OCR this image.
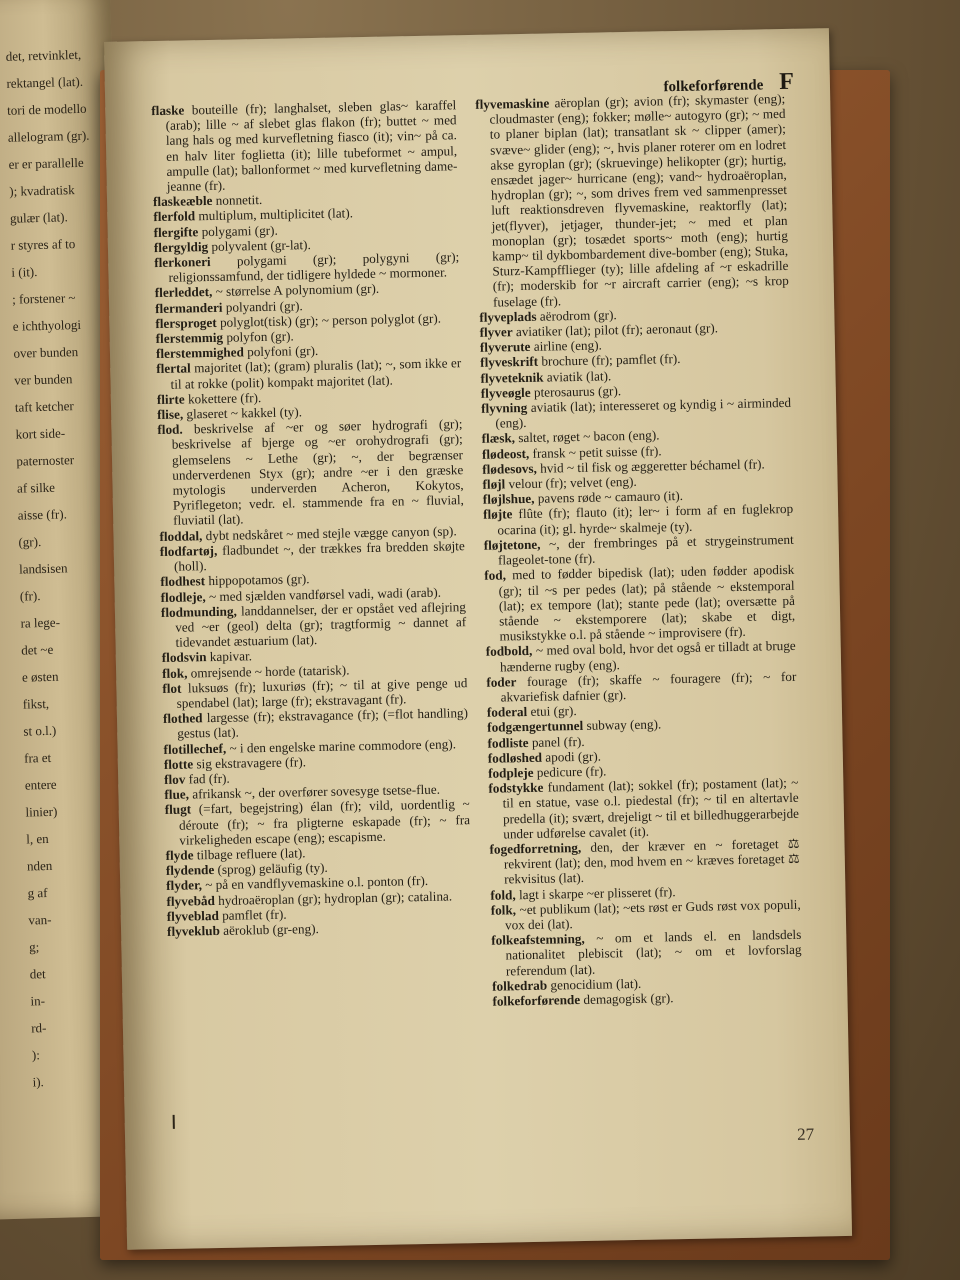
det, retvinklet,
rektangel (lat).
tori de modello
allelogram (gr).
er er parallelle
); kvadratisk
gulær (lat).
r styres af to
i (it).
; forstener ~
e ichthyologi
over bunden
ver bunden
taft ketcher
kort side-
paternoster
af silke
aisse (fr).
(gr).
landsisen
(fr).
ra lege-
det ~e
e østen
fikst,
st o.l.)
fra et
entere
linier)
l, en
nden
g af
van-
g;
det
in-
rd-
):
i).
folkeforførende F

flaske bouteille (fr); langhalset, sleben glas~ karaffel (arab); lille ~ af slebet glas flakon (fr); buttet ~ med lang hals og med kurvefletning fiasco (it); vin~ på ca. en halv liter foglietta (it); lille tubeformet ~ ampul, ampulle (lat); ballonformet ~ med kurvefletning dame-jeanne (fr).

flaskeæble nonnetit.

flerfold multiplum, multiplicitet (lat).

flergifte polygami (gr).

flergyldig polyvalent (gr-lat).

flerkoneri polygami (gr); polygyni (gr); religionssamfund, der tidligere hyldede ~ mormoner.

flerleddet, ~ størrelse A polynomium (gr).

flermanderi polyandri (gr).

flersproget polyglot(tisk) (gr); ~ person polyglot (gr).

flerstemmig polyfon (gr).

flerstemmighed polyfoni (gr).

flertal majoritet (lat); (gram) pluralis (lat); ~, som ikke er til at rokke (polit) kompakt majoritet (lat).

flirte kokettere (fr).

flise, glaseret ~ kakkel (ty).

flod. beskrivelse af ~er og søer hydrografi (gr); beskrivelse af bjerge og ~er orohydrografi (gr); glemselens ~ Lethe (gr); ~, der begrænser underverdenen Styx (gr); andre ~er i den græske mytologis underverden Acheron, Kokytos, Pyriflegeton; vedr. el. stammende fra en ~ fluvial, fluviatil (lat).

floddal, dybt nedskåret ~ med stejle vægge canyon (sp).

flodfartøj, fladbundet ~, der trækkes fra bredden skøjte (holl).

flodhest hippopotamos (gr).

flodleje, ~ med sjælden vandførsel vadi, wadi (arab).

flodmunding, landdannelser, der er opstået ved aflejring ved ~er (geol) delta (gr); tragtformig ~ dannet af tidevandet æstuarium (lat).

flodsvin kapivar.

flok, omrejsende ~ horde (tatarisk).

flot luksuøs (fr); luxuriøs (fr); ~ til at give penge ud spendabel (lat); large (fr); ekstravagant (fr).

flothed largesse (fr); ekstravagance (fr); (=flot handling) gestus (lat).

flotillechef, ~ i den engelske marine commodore (eng).

flotte sig ekstravagere (fr).

flov fad (fr).

flue, afrikansk ~, der overfører sovesyge tsetse-flue.

flugt (=fart, begejstring) élan (fr); vild, uordentlig ~ déroute (fr); ~ fra pligterne eskapade (fr); ~ fra virkeligheden escape (eng); escapisme.

flyde tilbage refluere (lat).

flydende (sprog) geläufig (ty).

flyder, ~ på en vandflyvemaskine o.l. ponton (fr).

flyvebåd hydroaëroplan (gr); hydroplan (gr); catalina.

flyveblad pamflet (fr).

flyveklub aëroklub (gr-eng).

flyvemaskine aëroplan (gr); avion (fr); skymaster (eng); cloudmaster (eng); fokker; mølle~ autogyro (gr); ~ med to planer biplan (lat); transatlant sk ~ clipper (amer); svæve~ glider (eng); ~, hvis planer roterer om en lodret akse gyroplan (gr); (skruevinge) helikopter (gr); hurtig, ensædet jager~ hurricane (eng); vand~ hydroaëroplan, hydroplan (gr); ~, som drives frem ved sammenpresset luft reaktionsdreven flyvemaskine, reaktorfly (lat); jet(flyver), jetjager, thunder-jet; ~ med et plan monoplan (gr); tosædet sports~ moth (eng); hurtig kamp~ til dykbombardement dive-bomber (eng); Stuka, Sturz-Kampfflieger (ty); lille afdeling af ~r eskadrille (fr); moderskib for ~r aircraft carrier (eng); ~s krop fuselage (fr).

flyveplads aërodrom (gr).

flyver aviatiker (lat); pilot (fr); aeronaut (gr).

flyverute airline (eng).

flyveskrift brochure (fr); pamflet (fr).

flyveteknik aviatik (lat).

flyveøgle pterosaurus (gr).

flyvning aviatik (lat); interesseret og kyndig i ~ airminded (eng).

flæsk, saltet, røget ~ bacon (eng).

flødeost, fransk ~ petit suisse (fr).

flødesovs, hvid ~ til fisk og æggeretter béchamel (fr).

fløjl velour (fr); velvet (eng).

fløjlshue, pavens røde ~ camauro (it).

fløjte flûte (fr); flauto (it); ler~ i form af en fuglekrop ocarina (it); gl. hyrde~ skalmeje (ty).

fløjtetone, ~, der frembringes på et strygeinstrument flageolet-tone (fr).

fod, med to fødder bipedisk (lat); uden fødder apodisk (gr); til ~s per pedes (lat); på stående ~ ekstemporal (lat); ex tempore (lat); stante pede (lat); oversætte på stående ~ ekstemporere (lat); skabe et digt, musikstykke o.l. på stående ~ improvisere (fr).

fodbold, ~ med oval bold, hvor det også er tilladt at bruge hænderne rugby (eng).

foder fourage (fr); skaffe ~ fouragere (fr); ~ for akvariefisk dafnier (gr).

foderal etui (gr).

fodgængertunnel subway (eng).

fodliste panel (fr).

fodløshed apodi (gr).

fodpleje pedicure (fr).

fodstykke fundament (lat); sokkel (fr); postament (lat); ~ til en statue, vase o.l. piedestal (fr); ~ til en altertavle predella (it); svært, drejeligt ~ til et billedhuggerarbejde under udførelse cavalet (it).

fogedforretning, den, der kræver en ~ foretaget ⚖ rekvirent (lat); den, mod hvem en ~ kræves foretaget ⚖ rekvisitus (lat).

fold, lagt i skarpe ~er plisseret (fr).

folk, ~et publikum (lat); ~ets røst er Guds røst vox populi, vox dei (lat).

folkeafstemning, ~ om et lands el. en landsdels nationalitet plebiscit (lat); ~ om et lovforslag referendum (lat).

folkedrab genocidium (lat).

folkeforførende demagogisk (gr).

27
